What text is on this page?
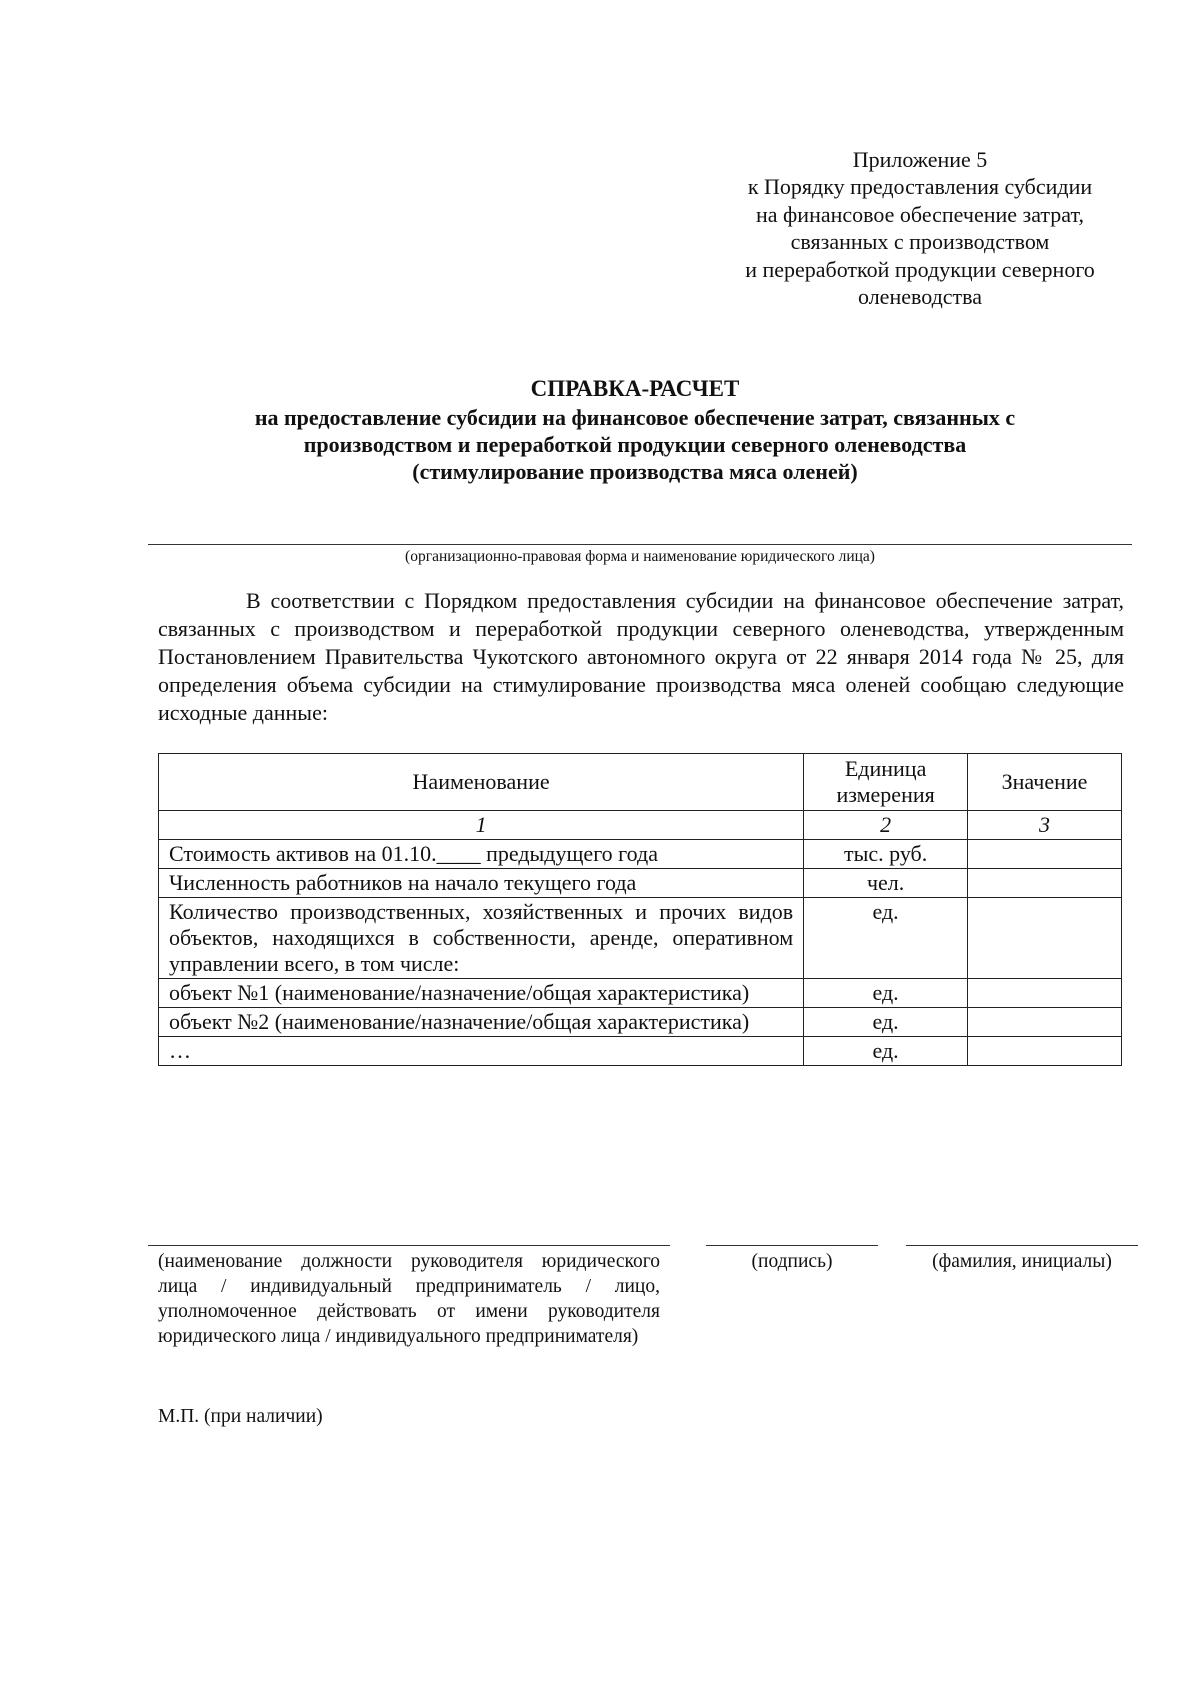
Приложение 5
к Порядку предоставления субсидии
на финансовое обеспечение затрат,
связанных с производством
и переработкой продукции северного
оленеводства
СПРАВКА-РАСЧЕТ
на предоставление субсидии на финансовое обеспечение затрат, связанных с
производством и переработкой продукции северного оленеводства
(стимулирование производства мяса оленей)
(организационно-правовая форма и наименование юридического лица)
В соответствии с Порядком предоставления субсидии на финансовое обеспечение затрат, связанных с производством и переработкой продукции северного оленеводства, утвержденным Постановлением Правительства Чукотского автономного округа от 22 января 2014 года № 25, для определения объема субсидии на стимулирование производства мяса оленей сообщаю следующие исходные данные:
Наименование	Единица измерения	Значение
1	2	3
Стоимость активов на 01.10.____ предыдущего года	тыс. руб.	
Численность работников на начало текущего года	чел.	
Количество производственных, хозяйственных и прочих видов объектов, находящихся в собственности, аренде, оперативном управлении всего, в том числе:	ед.	
объект №1 (наименование/назначение/общая характеристика)	ед.	
объект №2 (наименование/назначение/общая характеристика)	ед.	
…	ед.	
(наименование должности руководителя юридического лица / индивидуальный предприниматель / лицо, уполномоченное действовать от имени руководителя юридического лица / индивидуального предпринимателя)
(подпись)	(фамилия, инициалы)
М.П. (при наличии)
